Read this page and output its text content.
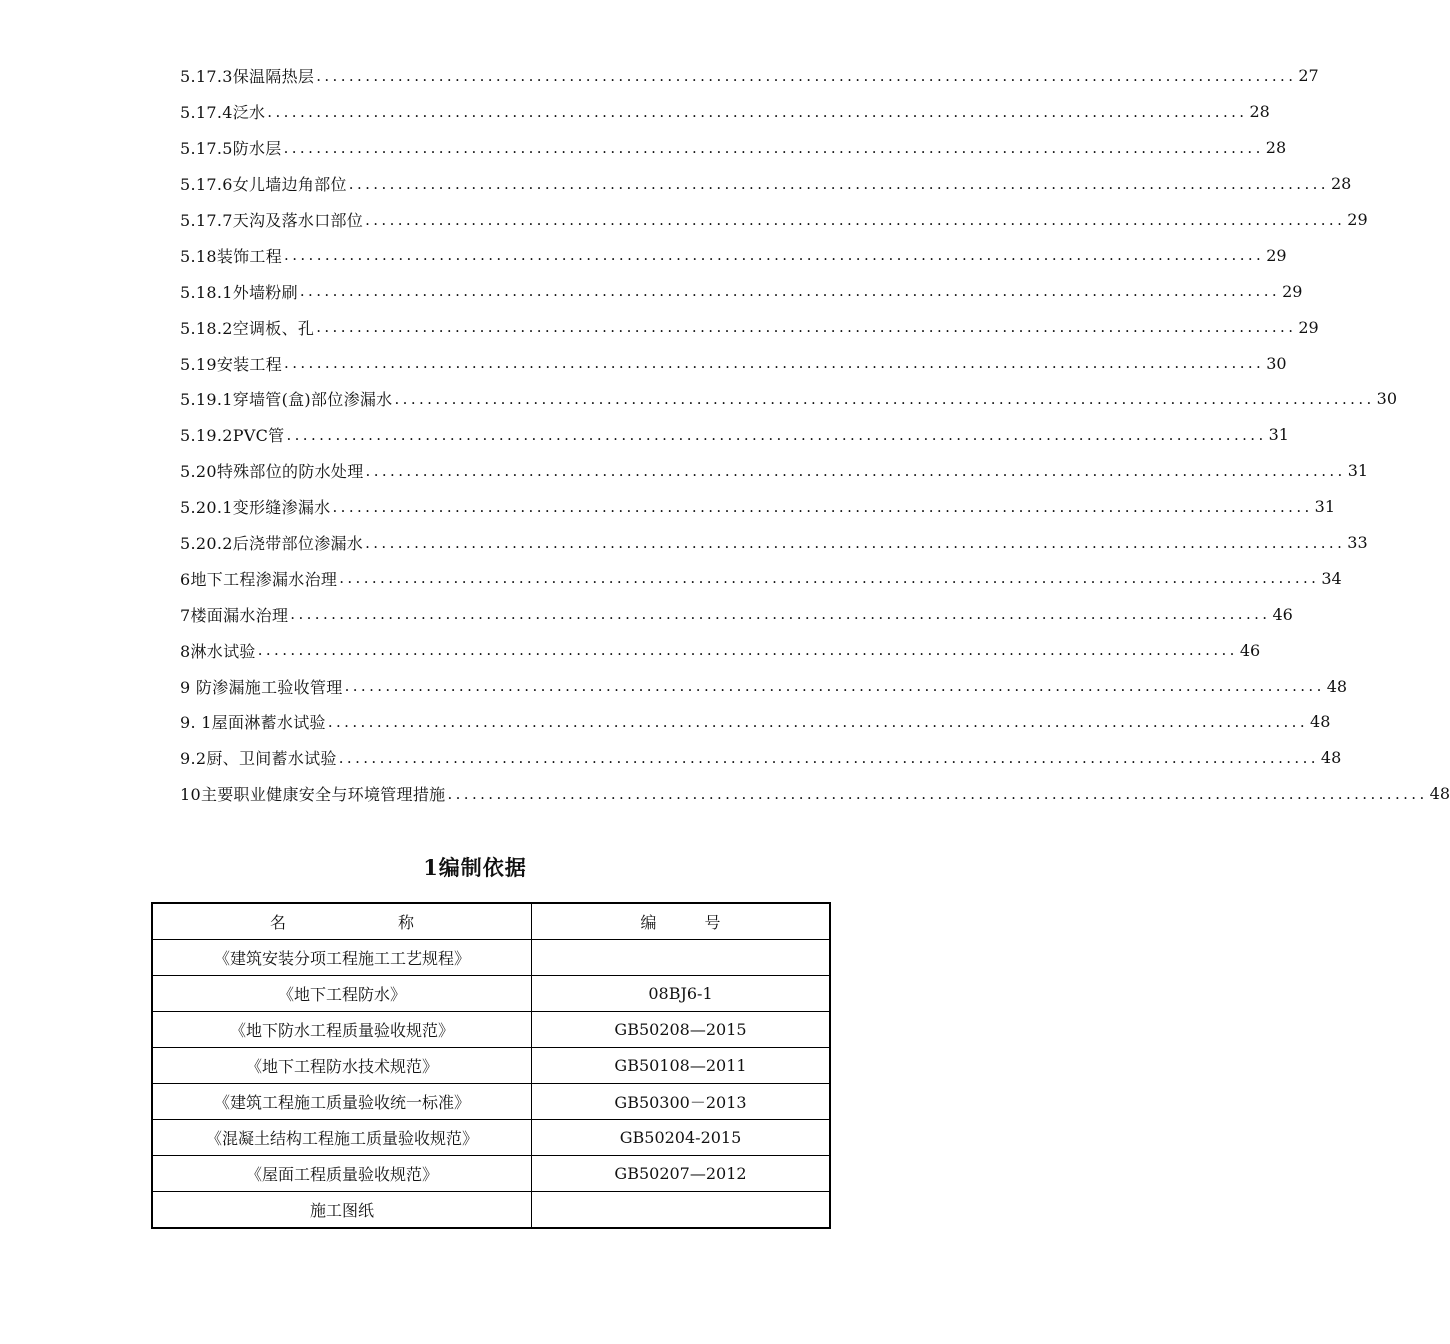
5.17.3保温隔热层 ........................................................................................................................ 27
5.17.4泛水 ........................................................................................................................ 28
5.17.5防水层 ........................................................................................................................ 28
5.17.6女儿墙边角部位 ........................................................................................................................ 28
5.17.7天沟及落水口部位 ........................................................................................................................ 29
5.18装饰工程 ........................................................................................................................ 29
5.18.1外墙粉刷 ........................................................................................................................ 29
5.18.2空调板、孔 ........................................................................................................................ 29
5.19安装工程 ........................................................................................................................ 30
5.19.1穿墙管(盒)部位渗漏水 ........................................................................................................................ 30
5.19.2PVC管 ........................................................................................................................ 31
5.20特殊部位的防水处理 ........................................................................................................................ 31
5.20.1变形缝渗漏水 ........................................................................................................................ 31
5.20.2后浇带部位渗漏水 ........................................................................................................................ 33
6地下工程渗漏水治理 ........................................................................................................................ 34
7楼面漏水治理 ........................................................................................................................ 46
8淋水试验 ........................................................................................................................ 46
9 防渗漏施工验收管理 ........................................................................................................................ 48
9. 1屋面淋蓄水试验 ........................................................................................................................ 48
9.2厨、卫间蓄水试验 ........................................................................................................................ 48
10主要职业健康安全与环境管理措施 ........................................................................................................................ 48
1编制依据
名 称	编 号
《建筑安装分项工程施工工艺规程》	
《地下工程防水》	08BJ6-1
《地下防水工程质量验收规范》	GB50208—2015
《地下工程防水技术规范》	GB50108—2011
《建筑工程施工质量验收统一标准》	GB50300－2013
《混凝土结构工程施工质量验收规范》	GB50204-2015
《屋面工程质量验收规范》	GB50207—2012
施工图纸	
